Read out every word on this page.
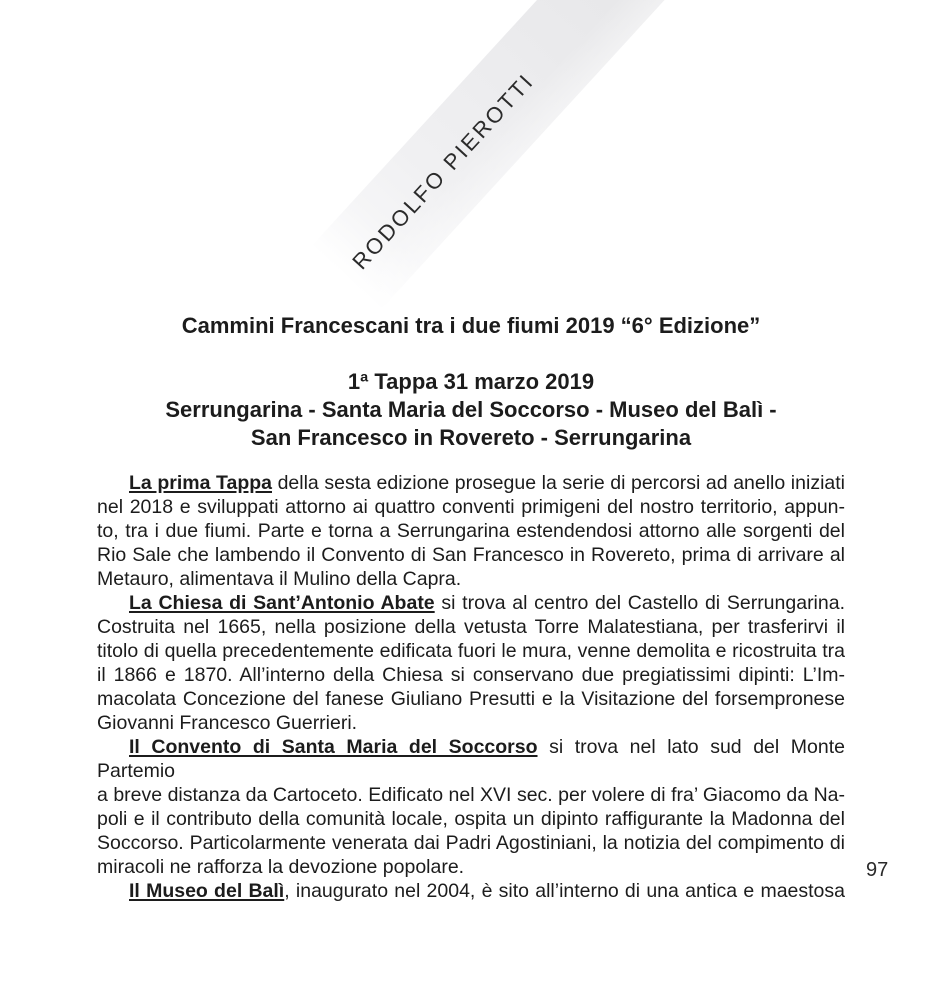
RODOLFO PIEROTTI
Cammini Francescani tra i due fiumi 2019 “6° Edizione”
1ª Tappa 31 marzo 2019
Serrungarina - Santa Maria del Soccorso - Museo del Balì -
San Francesco in Rovereto - Serrungarina
La prima Tappa della sesta edizione prosegue la serie di percorsi ad anello iniziati
nel 2018 e sviluppati attorno ai quattro conventi primigeni del nostro territorio, appun-
to, tra i due fiumi. Parte e torna a Serrungarina estendendosi attorno alle sorgenti del
Rio Sale che lambendo il Convento di San Francesco in Rovereto, prima di arrivare al
Metauro, alimentava il Mulino della Capra.
La Chiesa di Sant’Antonio Abate si trova al centro del Castello di Serrungarina.
Costruita nel 1665, nella posizione della vetusta Torre Malatestiana, per trasferirvi il
titolo di quella precedentemente edificata fuori le mura, venne demolita e ricostruita tra
il 1866 e 1870. All’interno della Chiesa si conservano due pregiatissimi dipinti: L’Im-
macolata Concezione del fanese Giuliano Presutti e la Visitazione del forsempronese
Giovanni Francesco Guerrieri.
Il Convento di Santa Maria del Soccorso si trova nel lato sud del Monte Partemio
a breve distanza da Cartoceto. Edificato nel XVI sec. per volere di fra’ Giacomo da Na-
poli e il contributo della comunità locale, ospita un dipinto raffigurante la Madonna del
Soccorso. Particolarmente venerata dai Padri Agostiniani, la notizia del compimento di
miracoli ne rafforza la devozione popolare.
Il Museo del Balì, inaugurato nel 2004, è sito all’interno di una antica e maestosa
97
